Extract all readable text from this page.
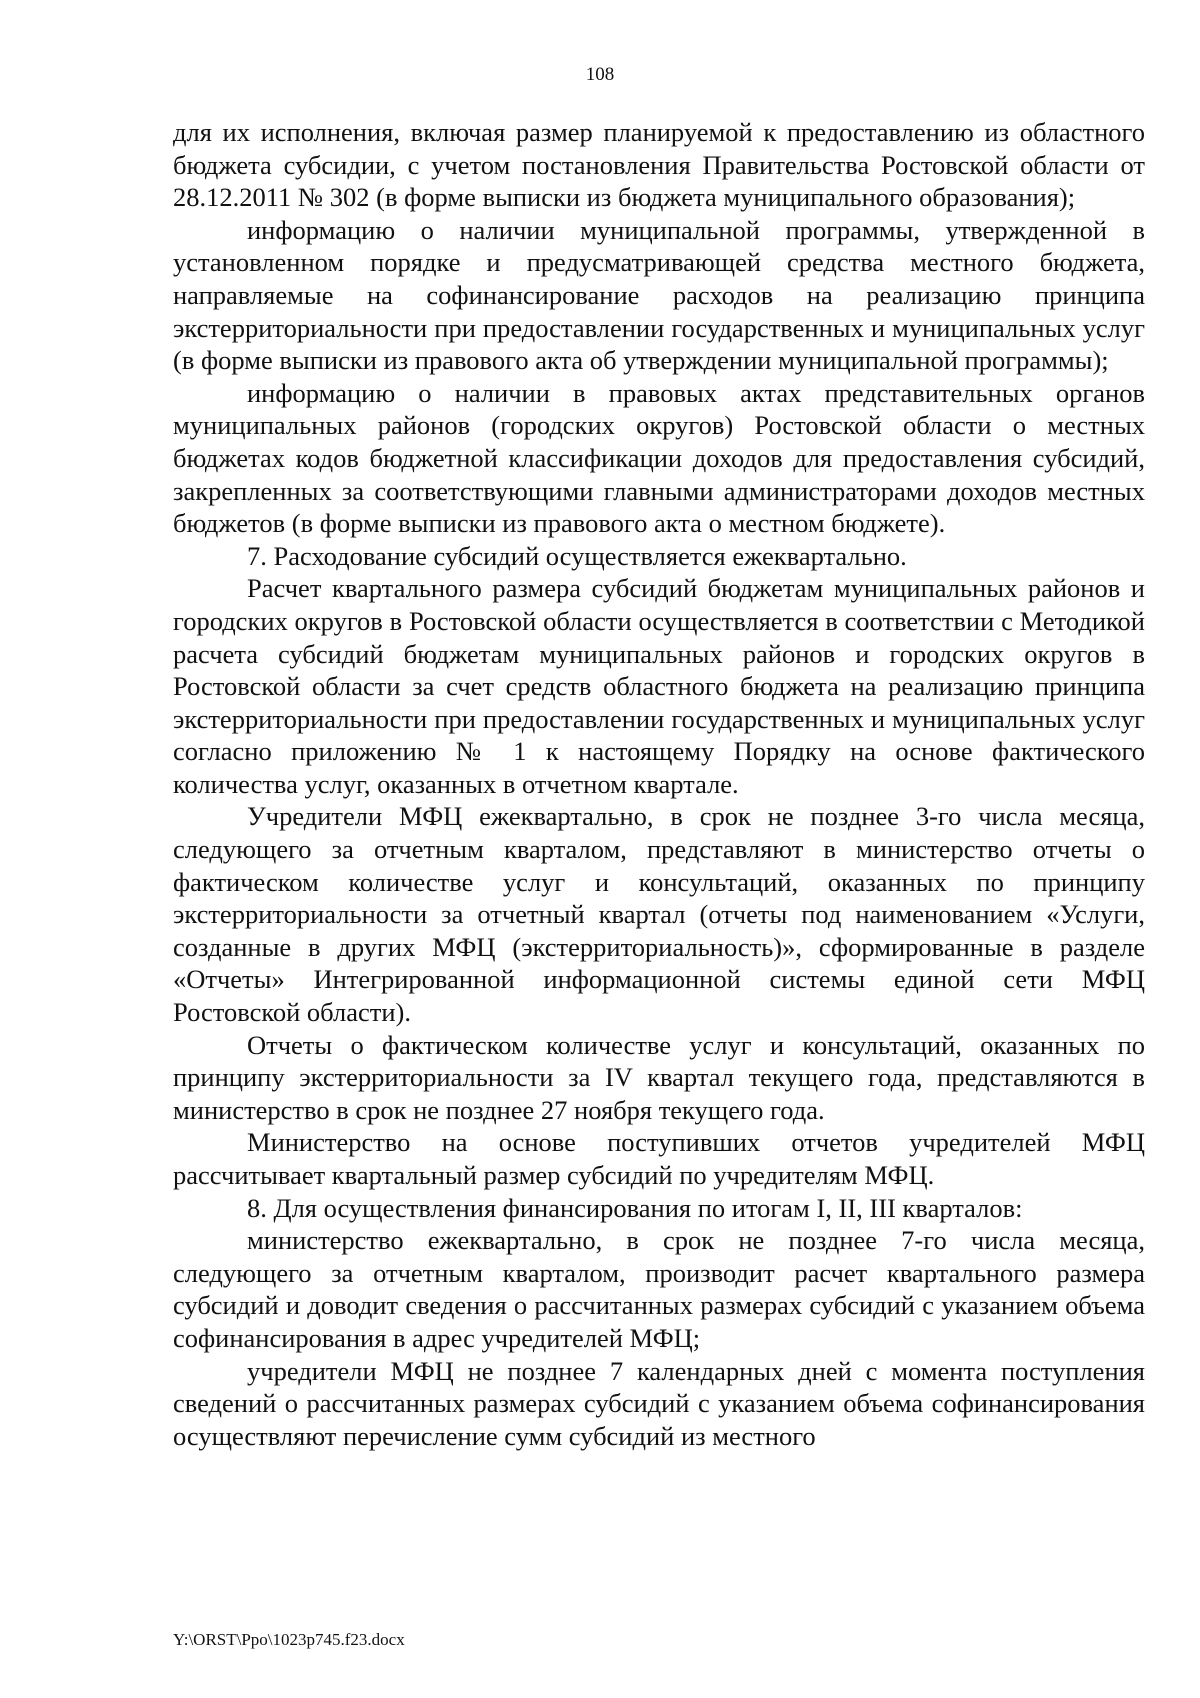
108

для их исполнения, включая размер планируемой к предоставлению из областного бюджета субсидии, с учетом постановления Правительства Ростовской области от 28.12.2011 № 302 (в форме выписки из бюджета муниципального образования);

информацию о наличии муниципальной программы, утвержденной в установленном порядке и предусматривающей средства местного бюджета, направляемые на софинансирование расходов на реализацию принципа экстерриториальности при предоставлении государственных и муниципальных услуг (в форме выписки из правового акта об утверждении муниципальной программы);

информацию о наличии в правовых актах представительных органов муниципальных районов (городских округов) Ростовской области о местных бюджетах кодов бюджетной классификации доходов для предоставления субсидий, закрепленных за соответствующими главными администраторами доходов местных бюджетов (в форме выписки из правового акта о местном бюджете).

7. Расходование субсидий осуществляется ежеквартально.

Расчет квартального размера субсидий бюджетам муниципальных районов и городских округов в Ростовской области осуществляется в соответствии с Методикой расчета субсидий бюджетам муниципальных районов и городских округов в Ростовской области за счет средств областного бюджета на реализацию принципа экстерриториальности при предоставлении государственных и муниципальных услуг согласно приложению № 1 к настоящему Порядку на основе фактического количества услуг, оказанных в отчетном квартале.

Учредители МФЦ ежеквартально, в срок не позднее 3-го числа месяца, следующего за отчетным кварталом, представляют в министерство отчеты о фактическом количестве услуг и консультаций, оказанных по принципу экстерриториальности за отчетный квартал (отчеты под наименованием «Услуги, созданные в других МФЦ (экстерриториальность)», сформированные в разделе «Отчеты» Интегрированной информационной системы единой сети МФЦ Ростовской области).

Отчеты о фактическом количестве услуг и консультаций, оказанных по принципу экстерриториальности за IV квартал текущего года, представляются в министерство в срок не позднее 27 ноября текущего года.

Министерство на основе поступивших отчетов учредителей МФЦ рассчитывает квартальный размер субсидий по учредителям МФЦ.

8. Для осуществления финансирования по итогам I, II, III кварталов:

министерство ежеквартально, в срок не позднее 7-го числа месяца, следующего за отчетным кварталом, производит расчет квартального размера субсидий и доводит сведения о рассчитанных размерах субсидий с указанием объема софинансирования в адрес учредителей МФЦ;

учредители МФЦ не позднее 7 календарных дней с момента поступления сведений о рассчитанных размерах субсидий с указанием объема софинансирования осуществляют перечисление сумм субсидий из местного

Y:\ORST\Ppo\1023p745.f23.docx
